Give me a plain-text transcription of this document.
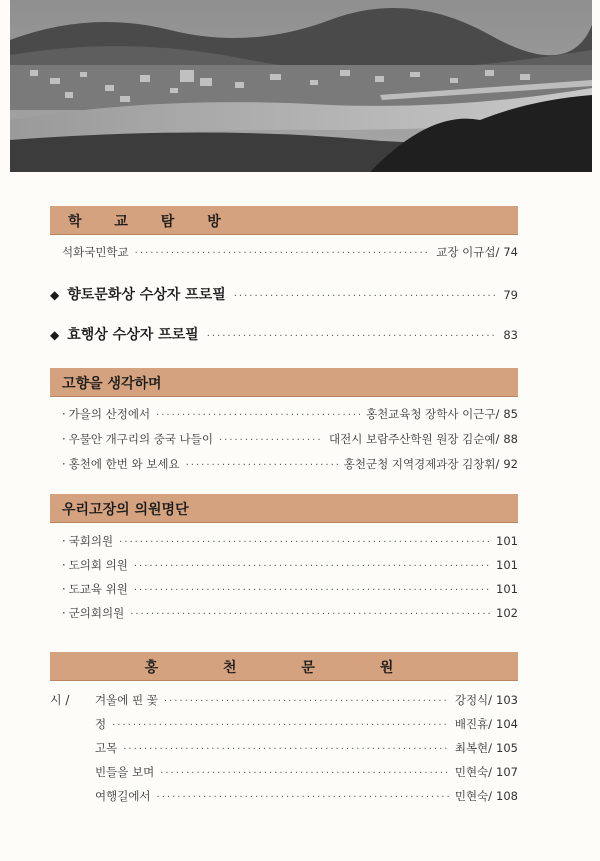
학 교 탐 방
석화국민학교 ·····	교장 이규섭/ 74
◆ 향토문화상 수상자 프로필 ·····	79
◆ 효행상 수상자 프로필 ·····	83
고향을 생각하며
· 가을의 산정에서 ·····	홍천교육청 장학사 이근구/ 85
· 우물안 개구리의 중국 나들이 ·····	대전시 보람주산학원 원장 김순예/ 88
· 홍천에 한번 와 보세요 ·····	홍천군청 지역경제과장 김창휘/ 92
우리고장의 의원명단
· 국회의원 ·····	101
· 도의회 의원 ·····	101
· 도교육 위원 ·····	101
· 군의회의원 ·····	102
홍 천 문 원
시 / 겨울에 핀 꽃 ·····	강정식/ 103
정 ·····	배진휴/ 104
고목 ·····	최복현/ 105
빈들을 보며 ·····	민현숙/ 107
여행길에서 ·····	민현숙/ 108
